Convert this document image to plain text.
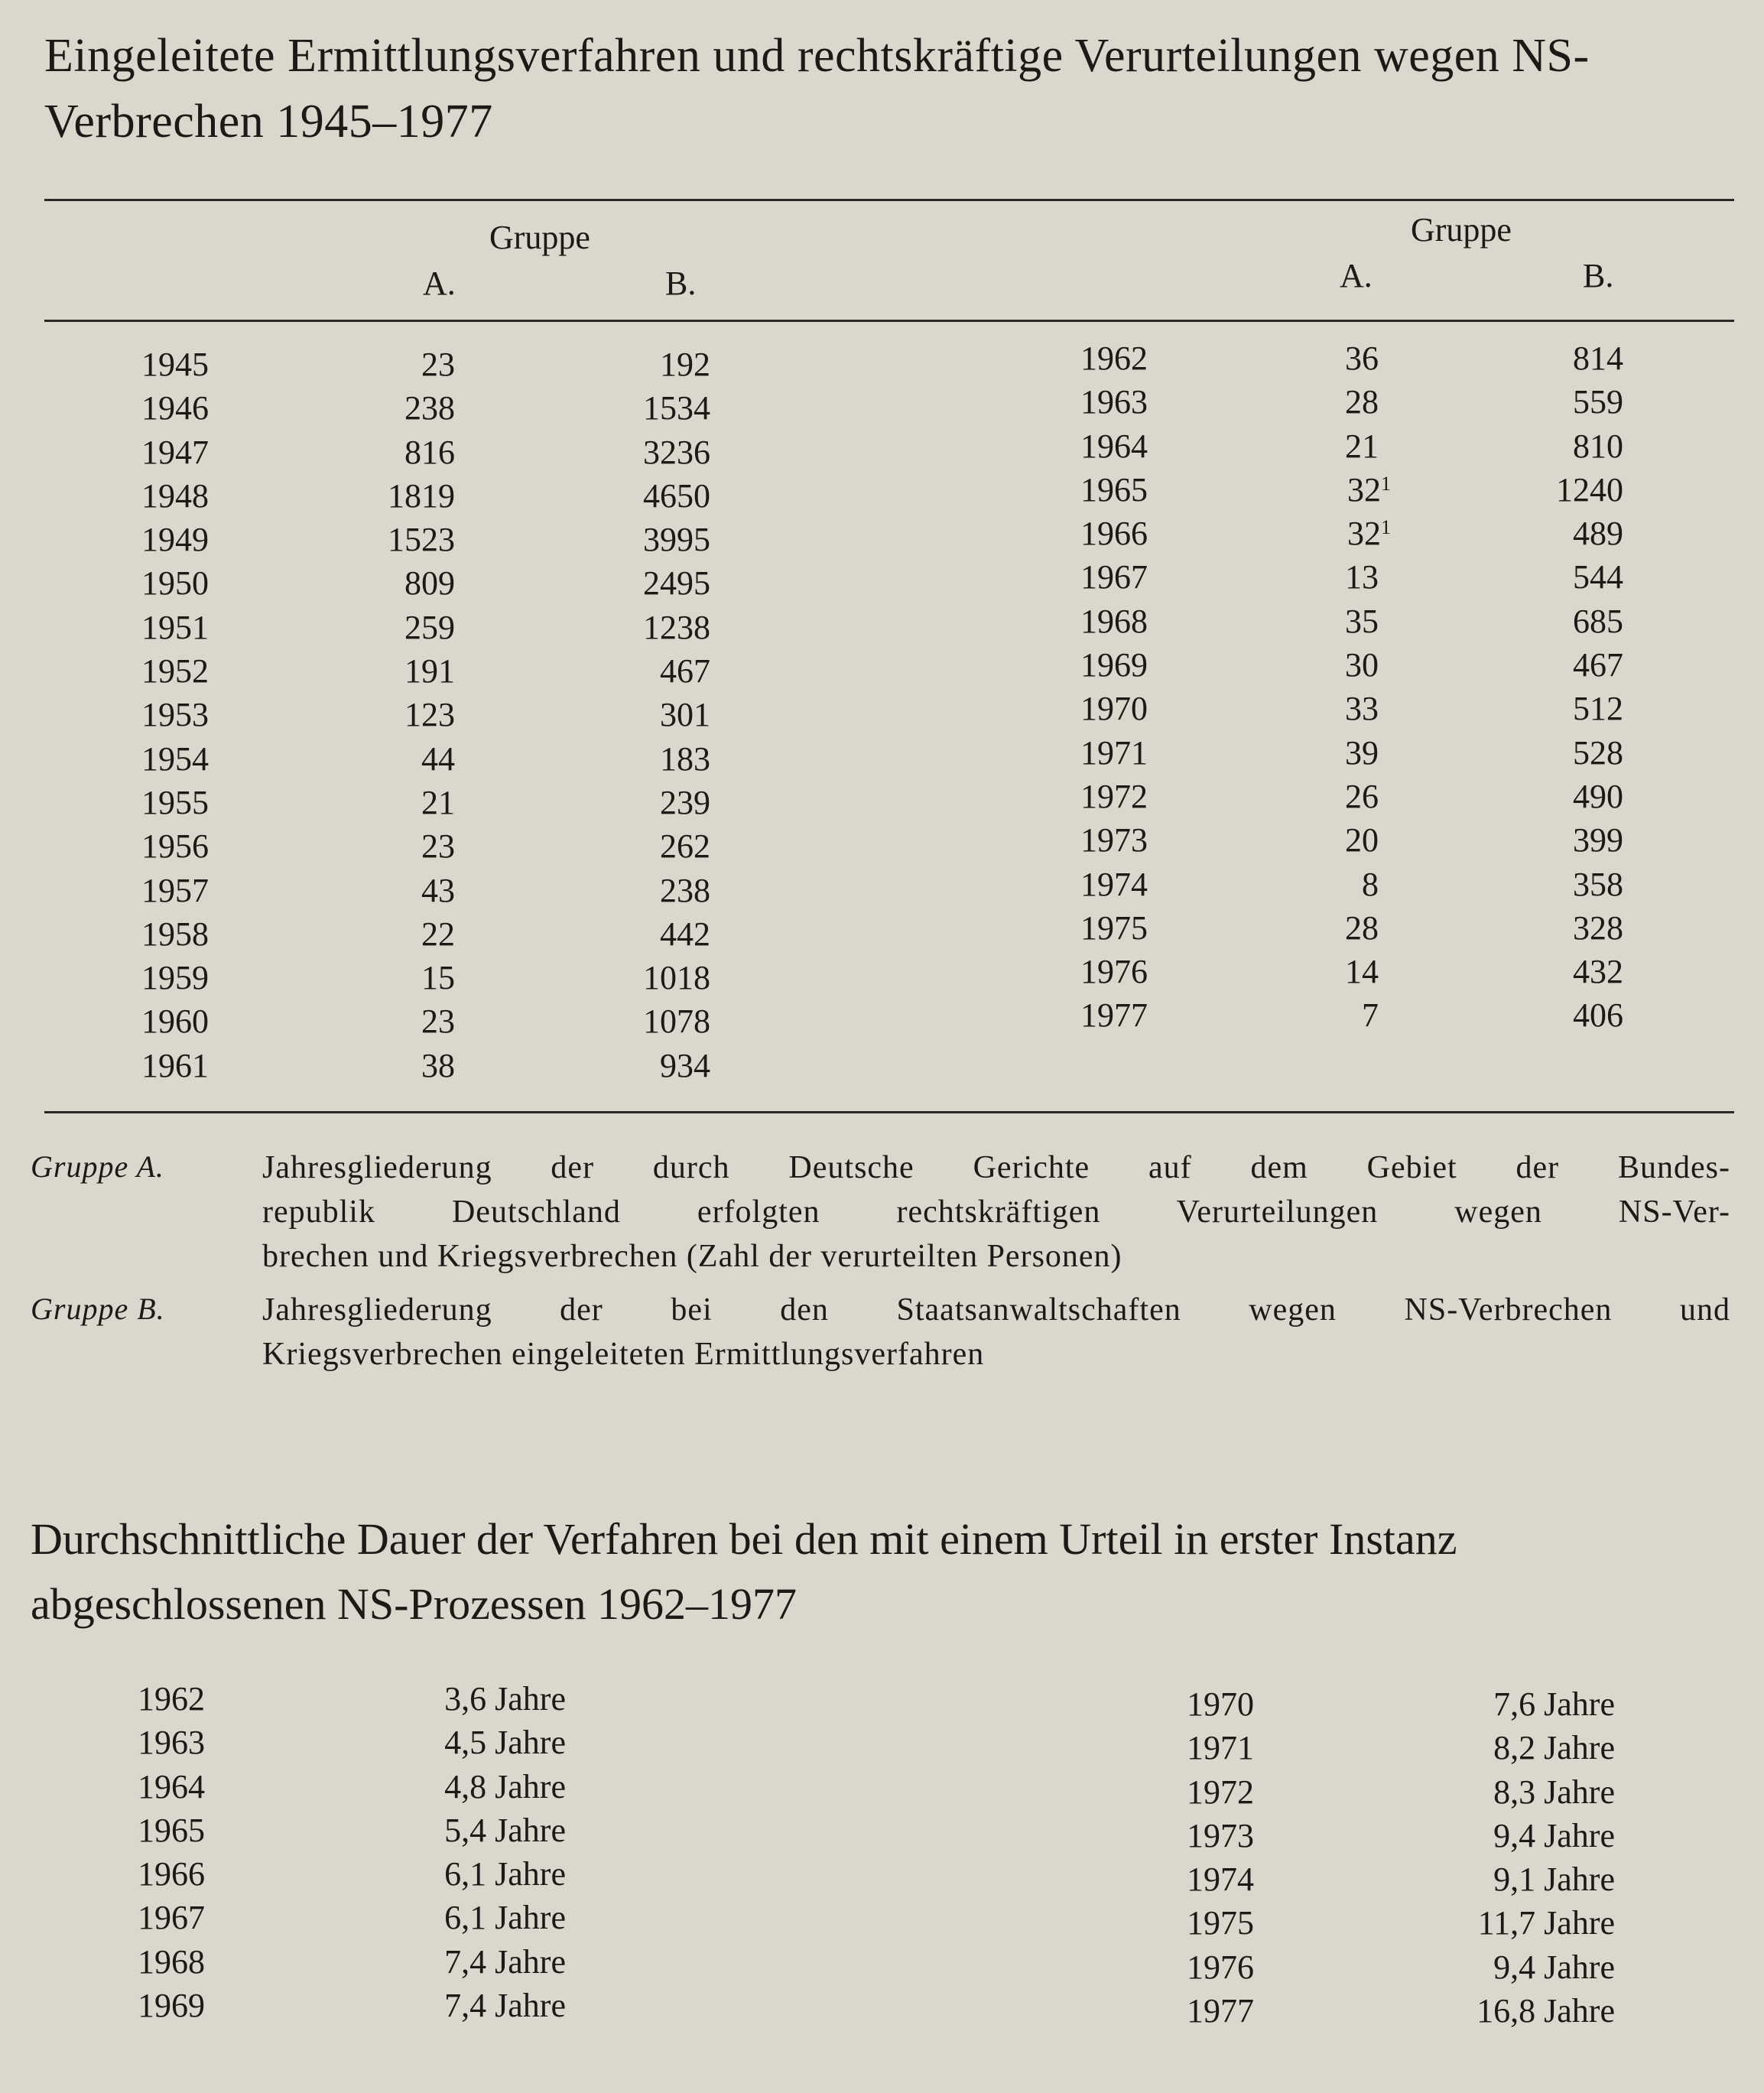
Eingeleitete Ermittlungsverfahren und rechtskräftige Verurteilungen wegen NS-Verbrechen 1945–1977
Gruppe
A.	B.
Gruppe
A.	B.
1945	23	192
1946	238	1534
1947	816	3236
1948	1819	4650
1949	1523	3995
1950	809	2495
1951	259	1238
1952	191	467
1953	123	301
1954	44	183
1955	21	239
1956	23	262
1957	43	238
1958	22	442
1959	15	1018
1960	23	1078
1961	38	934
1962	36	814
1963	28	559
1964	21	810
1965	$32^1$	1240
1966	$32^1$	489
1967	13	544
1968	35	685
1969	30	467
1970	33	512
1971	39	528
1972	26	490
1973	20	399
1974	8	358
1975	28	328
1976	14	432
1977	7	406
Gruppe A.	Jahresgliederung der durch Deutsche Gerichte auf dem Gebiet der Bundes-
republik Deutschland erfolgten rechtskräftigen Verurteilungen wegen NS-Ver-
brechen und Kriegsverbrechen (Zahl der verurteilten Personen)
Gruppe B.	Jahresgliederung der bei den Staatsanwaltschaften wegen NS-Verbrechen und
Kriegsverbrechen eingeleiteten Ermittlungsverfahren
Durchschnittliche Dauer der Verfahren bei den mit einem Urteil in erster Instanz abgeschlossenen NS-Prozessen 1962–1977
1962	3,6 Jahre
1963	4,5 Jahre
1964	4,8 Jahre
1965	5,4 Jahre
1966	6,1 Jahre
1967	6,1 Jahre
1968	7,4 Jahre
1969	7,4 Jahre
1970	7,6 Jahre
1971	8,2 Jahre
1972	8,3 Jahre
1973	9,4 Jahre
1974	9,1 Jahre
1975	11,7 Jahre
1976	9,4 Jahre
1977	16,8 Jahre
